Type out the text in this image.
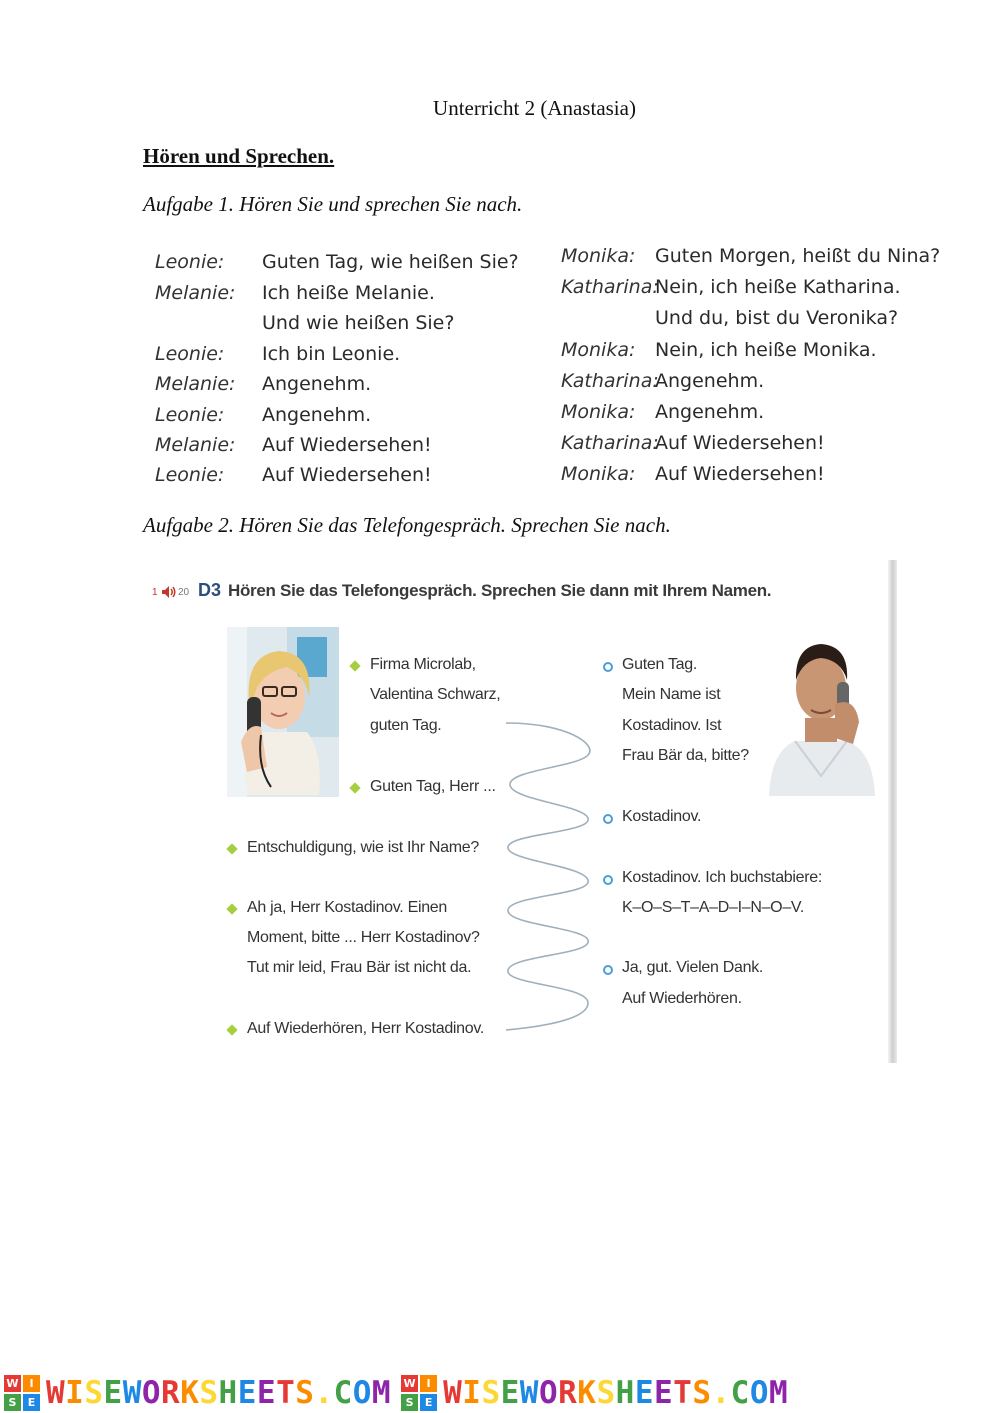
Unterricht 2 (Anastasia)
Hören und Sprechen.
Aufgabe 1. Hören Sie und sprechen Sie nach.
Leonie: Guten Tag, wie heißen Sie?
Melanie: Ich heiße Melanie.
Und wie heißen Sie?
Leonie: Ich bin Leonie.
Melanie: Angenehm.
Leonie: Angenehm.
Melanie: Auf Wiedersehen!
Leonie: Auf Wiedersehen!
Monika: Guten Morgen, heißt du Nina?
Katharina:
Nein, ich heiße Katharina.
Und du, bist du Veronika?
Monika: Nein, ich heiße Monika.
Katharina:
Angenehm.
Monika: Angenehm.
Katharina:
Auf Wiedersehen!
Monika: Auf Wiedersehen!
Aufgabe 2. Hören Sie das Telefongespräch. Sprechen Sie nach.
1 20 D3 Hören Sie das Telefongespräch. Sprechen Sie dann mit Ihrem Namen.
Firma Microlab,
Valentina Schwarz,
guten Tag.
Guten Tag, Herr ...
Entschuldigung, wie ist Ihr Name?
Ah ja, Herr Kostadinov. Einen
Moment, bitte ... Herr Kostadinov?
Tut mir leid, Frau Bär ist nicht da.
Auf Wiederhören, Herr Kostadinov.
Guten Tag.
Mein Name ist
Kostadinov. Ist
Frau Bär da, bitte?
Kostadinov.
Kostadinov. Ich buchstabiere:
K–O–S–T–A–D–I–N–O–V.
Ja, gut. Vielen Dank.
Auf Wiederhören.
W I
S	E WISEWORKSHEETS.COM W I
S	E WISEWORKSHEETS.COM
